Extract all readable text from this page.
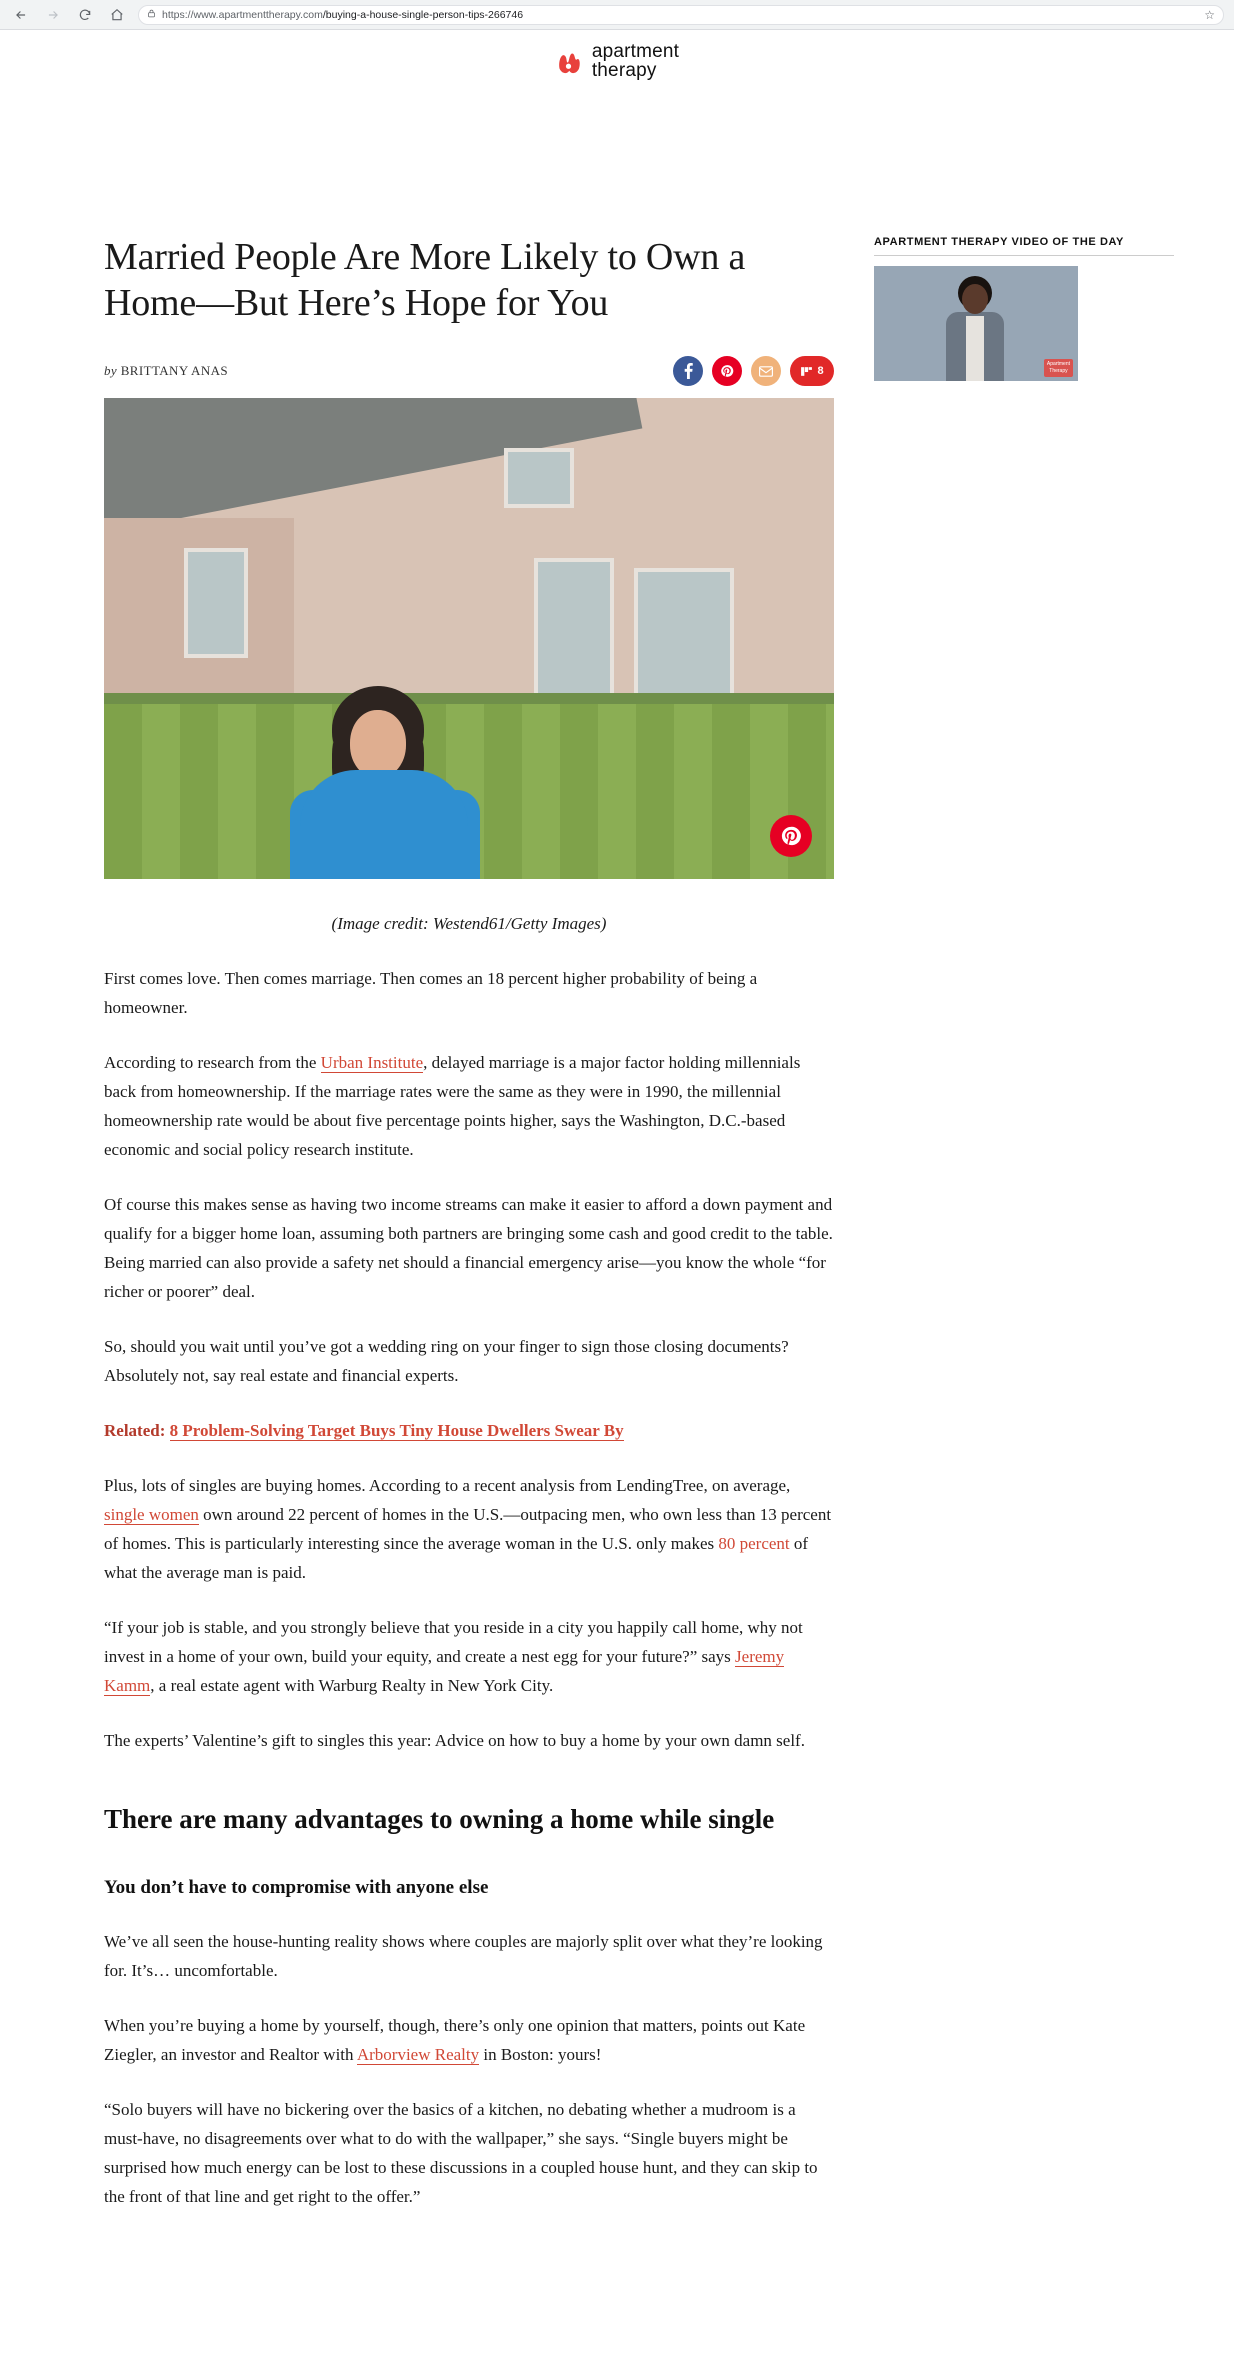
https://www.apartmenttherapy.com/buying-a-house-single-person-tips-266746	☆
apartment
therapy
Married People Are More Likely to Own a Home—But Here’s Hope for You
by BRITTANY ANAS	8

(Image credit: Westend61/Getty Images)

First comes love. Then comes marriage. Then comes an 18 percent higher probability of being a homeowner.

According to research from the Urban Institute, delayed marriage is a major factor holding millennials back from homeownership. If the marriage rates were the same as they were in 1990, the millennial homeownership rate would be about five percentage points higher, says the Washington, D.C.-based economic and social policy research institute.

Of course this makes sense as having two income streams can make it easier to afford a down payment and qualify for a bigger home loan, assuming both partners are bringing some cash and good credit to the table. Being married can also provide a safety net should a financial emergency arise—you know the whole “for richer or poorer” deal.

So, should you wait until you’ve got a wedding ring on your finger to sign those closing documents? Absolutely not, say real estate and financial experts.

Related: 8 Problem-Solving Target Buys Tiny House Dwellers Swear By

Plus, lots of singles are buying homes. According to a recent analysis from LendingTree, on average, single women own around 22 percent of homes in the U.S.—outpacing men, who own less than 13 percent of homes. This is particularly interesting since the average woman in the U.S. only makes 80 percent of what the average man is paid.

“If your job is stable, and you strongly believe that you reside in a city you happily call home, why not invest in a home of your own, build your equity, and create a nest egg for your future?” says Jeremy Kamm, a real estate agent with Warburg Realty in New York City.

The experts’ Valentine’s gift to singles this year: Advice on how to buy a home by your own damn self.

There are many advantages to owning a home while single
You don’t have to compromise with anyone else

We’ve all seen the house-hunting reality shows where couples are majorly split over what they’re looking for. It’s… uncomfortable.

When you’re buying a home by yourself, though, there’s only one opinion that matters, points out Kate Ziegler, an investor and Realtor with Arborview Realty in Boston: yours!

“Solo buyers will have no bickering over the basics of a kitchen, no debating whether a mudroom is a must-have, no disagreements over what to do with the wallpaper,” she says. “Single buyers might be surprised how much energy can be lost to these discussions in a coupled house hunt, and they can skip to the front of that line and get right to the offer.”

APARTMENT THERAPY VIDEO OF THE DAY
Apartment
Therapy
